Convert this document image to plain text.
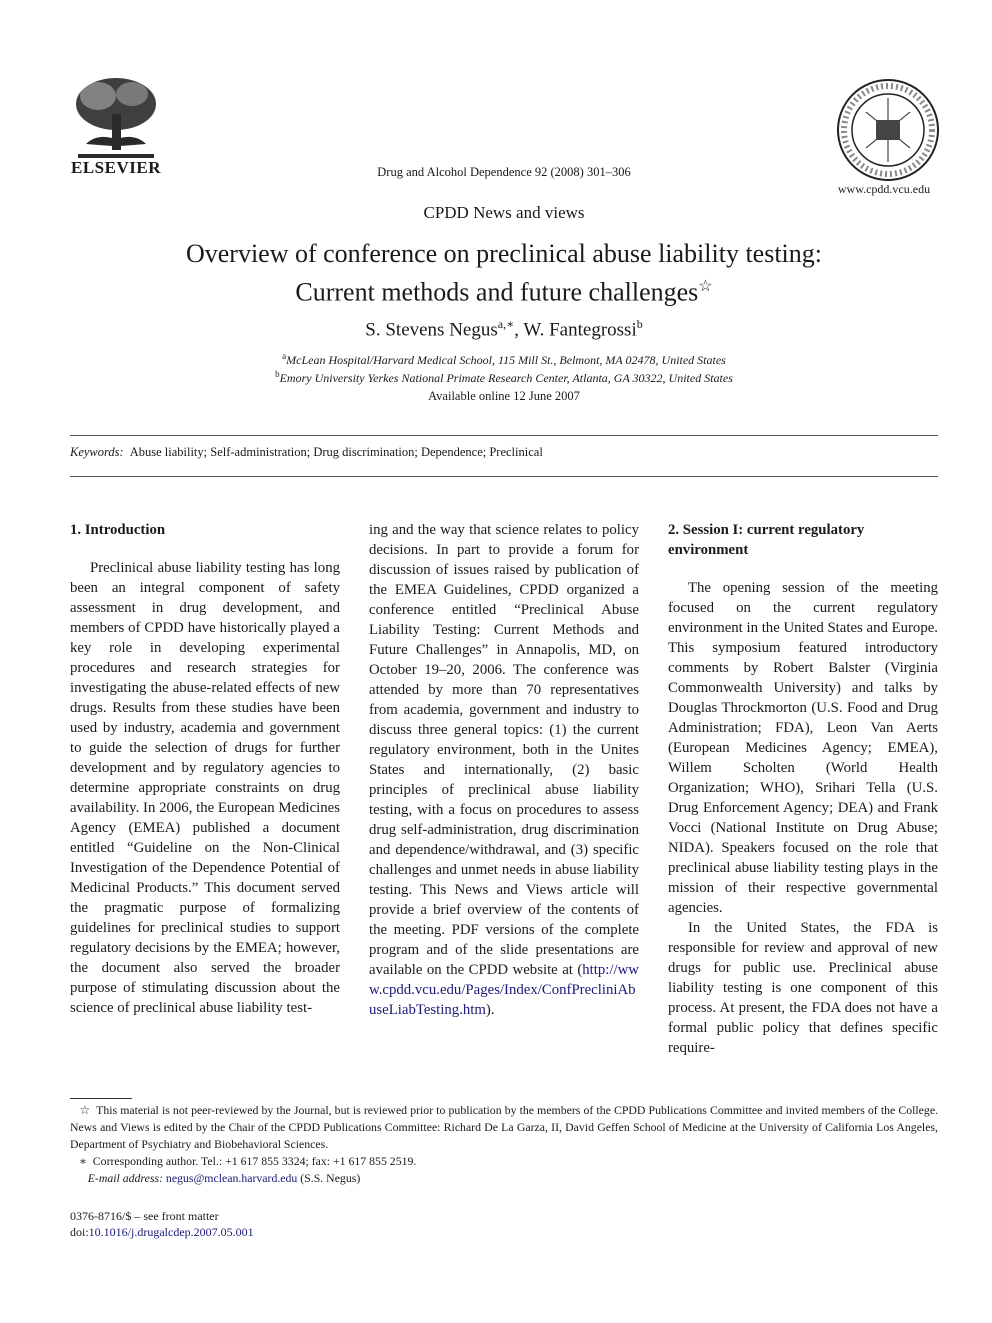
ELSEVIER	Drug and Alcohol Dependence 92 (2008) 301–306
www.cpdd.vcu.edu
CPDD News and views
Overview of conference on preclinical abuse liability testing:
Current methods and future challenges☆
S. Stevens Negus$^{a,∗}$, W. Fantegrossi$^b$
$^a$McLean Hospital/Harvard Medical School, 115 Mill St., Belmont, MA 02478, United States
$^b$Emory University Yerkes National Primate Research Center, Atlanta, GA 30322, United States
Available online 12 June 2007
Keywords: Abuse liability; Self-administration; Drug discrimination; Dependence; Preclinical
1. Introduction

Preclinical abuse liability testing has long been an integral component of safety assessment in drug development, and members of CPDD have historically played a key role in developing experimental procedures and research strategies for investigating the abuse-related effects of new drugs. Results from these studies have been used by industry, academia and government to guide the selection of drugs for further development and by regulatory agencies to determine appropriate constraints on drug availability. In 2006, the European Medicines Agency (EMEA) published a document entitled “Guideline on the Non-Clinical Investigation of the Dependence Potential of Medicinal Products.” This document served the pragmatic purpose of formalizing guidelines for preclinical studies to support regulatory decisions by the EMEA; however, the document also served the broader purpose of stimulating discussion about the science of preclinical abuse liability test-

ing and the way that science relates to policy decisions. In part to provide a forum for discussion of issues raised by publication of the EMEA Guidelines, CPDD organized a conference entitled “Preclinical Abuse Liability Testing: Current Methods and Future Challenges” in Annapolis, MD, on October 19–20, 2006. The conference was attended by more than 70 representatives from academia, government and industry to discuss three general topics: (1) the current regulatory environment, both in the Unites States and internationally, (2) basic principles of preclinical abuse liability testing, with a focus on procedures to assess drug self-administration, drug discrimination and dependence/withdrawal, and (3) specific challenges and unmet needs in abuse liability testing. This News and Views article will provide a brief overview of the contents of the meeting. PDF versions of the complete program and of the slide presentations are available on the CPDD website at (http://www.cpdd.vcu.edu/Pages/Index/ConfPrecliniAbuseLiabTesting.htm).

2. Session I: current regulatory environment

The opening session of the meeting focused on the current regulatory environment in the United States and Europe. This symposium featured introductory comments by Robert Balster (Virginia Commonwealth University) and talks by Douglas Throckmorton (U.S. Food and Drug Administration; FDA), Leon Van Aerts (European Medicines Agency; EMEA), Willem Scholten (World Health Organization; WHO), Srihari Tella (U.S. Drug Enforcement Agency; DEA) and Frank Vocci (National Institute on Drug Abuse; NIDA). Speakers focused on the role that preclinical abuse liability testing plays in the mission of their respective governmental agencies.

In the United States, the FDA is responsible for review and approval of new drugs for public use. Preclinical abuse liability testing is one component of this process. At present, the FDA does not have a formal public policy that defines specific require-

☆ This material is not peer-reviewed by the Journal, but is reviewed prior to publication by the members of the CPDD Publications Committee and invited members of the College. News and Views is edited by the Chair of the CPDD Publications Committee: Richard De La Garza, II, David Geffen School of Medicine at the University of California Los Angeles, Department of Psychiatry and Biobehavioral Sciences.

∗ Corresponding author. Tel.: +1 617 855 3324; fax: +1 617 855 2519.

E-mail address: negus@mclean.harvard.edu (S.S. Negus)

0376-8716/$ – see front matter
doi:10.1016/j.drugalcdep.2007.05.001
